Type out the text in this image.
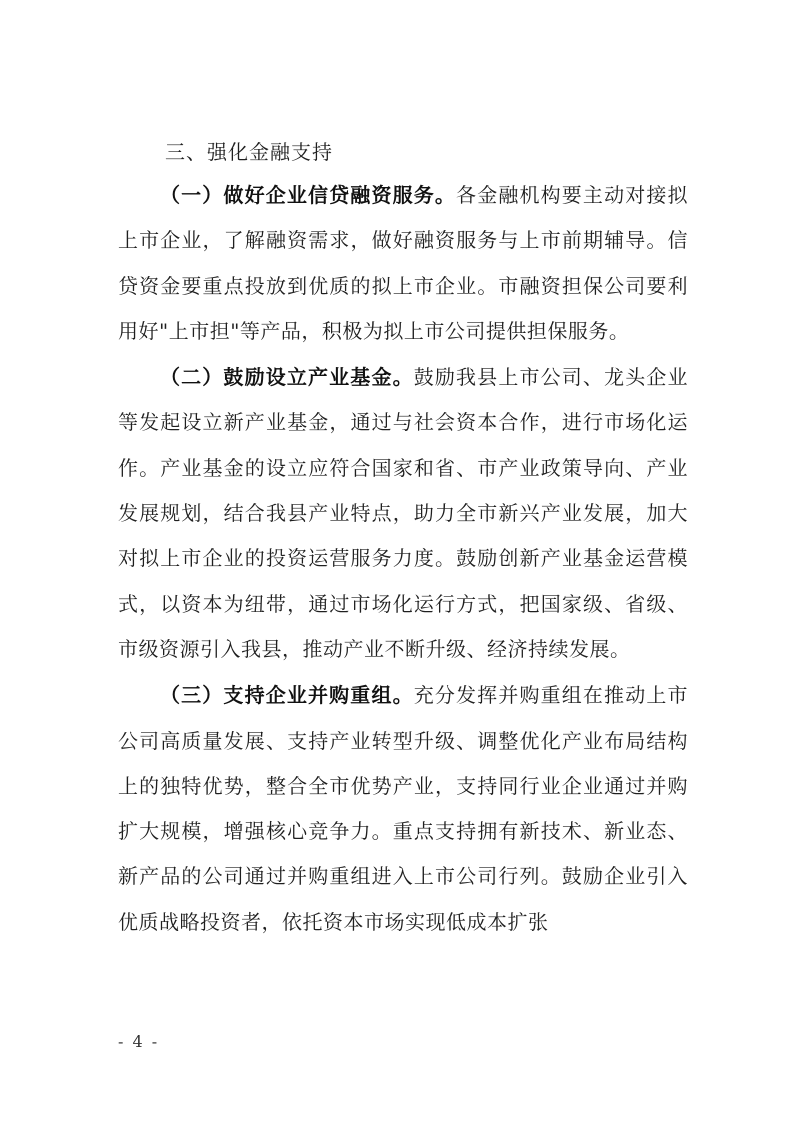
三、强化金融支持

（一）做好企业信贷融资服务。各金融机构要主动对接拟上市企业，了解融资需求，做好融资服务与上市前期辅导。信贷资金要重点投放到优质的拟上市企业。市融资担保公司要利用好"上市担"等产品，积极为拟上市公司提供担保服务。

（二）鼓励设立产业基金。鼓励我县上市公司、龙头企业等发起设立新产业基金，通过与社会资本合作，进行市场化运作。产业基金的设立应符合国家和省、市产业政策导向、产业发展规划，结合我县产业特点，助力全市新兴产业发展，加大对拟上市企业的投资运营服务力度。鼓励创新产业基金运营模式，以资本为纽带，通过市场化运行方式，把国家级、省级、市级资源引入我县，推动产业不断升级、经济持续发展。

（三）支持企业并购重组。充分发挥并购重组在推动上市公司高质量发展、支持产业转型升级、调整优化产业布局结构上的独特优势，整合全市优势产业，支持同行业企业通过并购扩大规模，增强核心竞争力。重点支持拥有新技术、新业态、新产品的公司通过并购重组进入上市公司行列。鼓励企业引入优质战略投资者，依托资本市场实现低成本扩张

- 4 -
